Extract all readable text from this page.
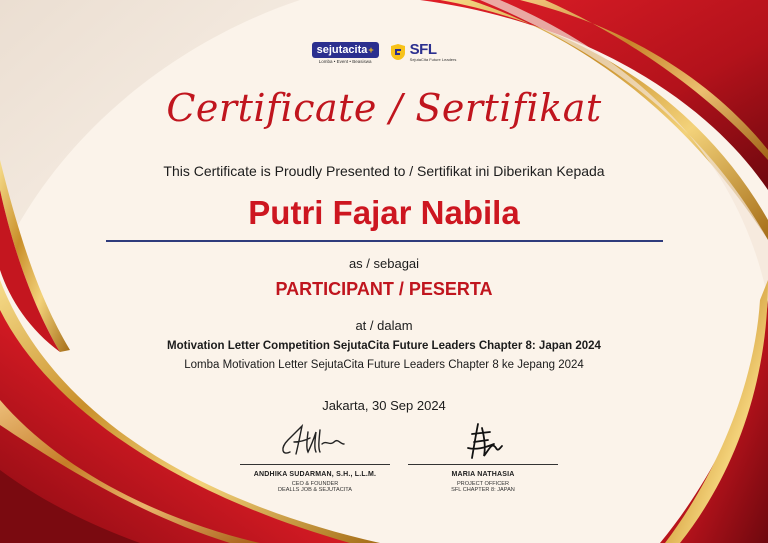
sejutacita+
Lomba • Event • Beasiswa
SFL
SejutaCita Future Leaders
Certificate / Sertifikat
This Certificate is Proudly Presented to / Sertifikat ini Diberikan Kepada
Putri Fajar Nabila
as / sebagai
PARTICIPANT / PESERTA
at / dalam
Motivation Letter Competition SejutaCita Future Leaders Chapter 8: Japan 2024
Lomba Motivation Letter SejutaCita Future Leaders Chapter 8 ke Jepang 2024
Jakarta, 30 Sep 2024
ANDHIKA SUDARMAN, S.H., L.L.M.
CEO & FOUNDER
DEALLS JOB & SEJUTACITA
MARIA NATHASIA
PROJECT OFFICER
SFL CHAPTER 8: JAPAN
